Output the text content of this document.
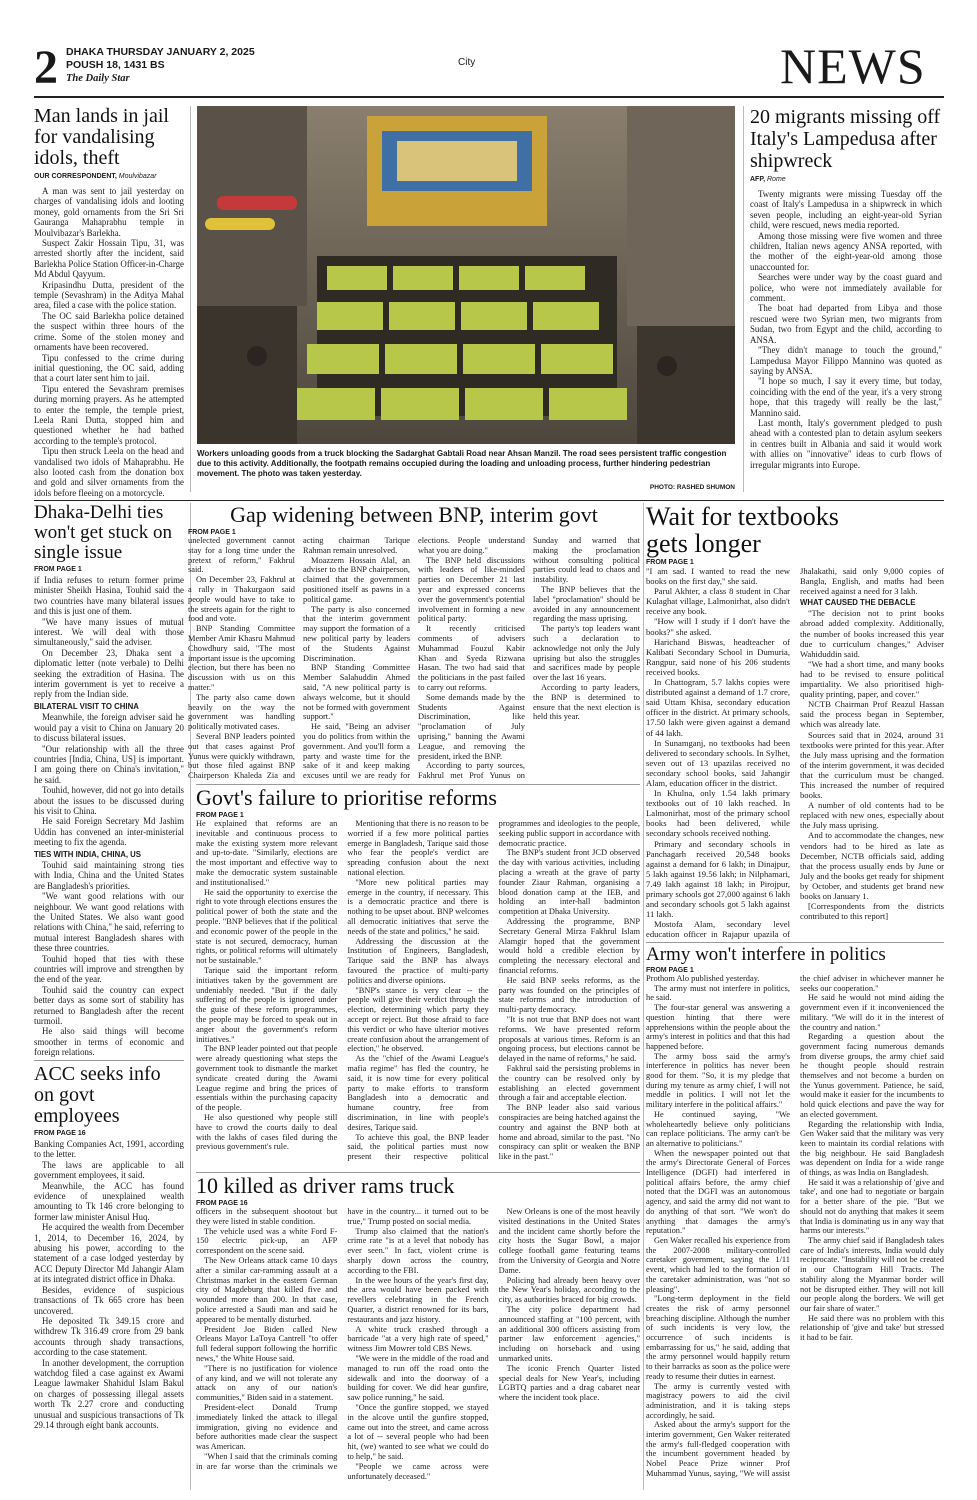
2 DHAKA THURSDAY JANUARY 2, 2025
POUSH 18, 1431 BS
The Daily Star
City	NEWS
Man lands in jail for vandalising idols, theft
OUR CORRESPONDENT, Moulvibazar

A man was sent to jail yesterday on charges of vandalising idols and looting money, gold ornaments from the Sri Sri Gauranga Mahaprabhu temple in Moulvibazar's Barlekha.

Suspect Zakir Hossain Tipu, 31, was arrested shortly after the incident, said Barlekha Police Station Officer-in-Charge Md Abdul Qayyum.

Kripasindhu Dutta, president of the temple (Sevashram) in the Aditya Mahal area, filed a case with the police station.

The OC said Barlekha police detained the suspect within three hours of the crime. Some of the stolen money and ornaments have been recovered.

Tipu confessed to the crime during initial questioning, the OC said, adding that a court later sent him to jail.

Tipu entered the Sevashram premises during morning prayers. As he attempted to enter the temple, the temple priest, Leela Rani Dutta, stopped him and questioned whether he had bathed according to the temple's protocol.

Tipu then struck Leela on the head and vandalised two idols of Mahaprabhu. He also looted cash from the donation box and gold and silver ornaments from the idols before fleeing on a motorcycle.

Workers unloading goods from a truck blocking the Sadarghat Gabtali Road near Ahsan Manzil. The road sees persistent traffic congestion due to this activity. Additionally, the footpath remains occupied during the loading and unloading process, further hindering pedestrian movement. The photo was taken yesterday.
PHOTO: RASHED SHUMON
20 migrants missing off Italy's Lampedusa after shipwreck
AFP, Rome

Twenty migrants were missing Tuesday off the coast of Italy's Lampedusa in a shipwreck in which seven people, including an eight-year-old Syrian child, were rescued, news media reported.

Among those missing were five women and three children, Italian news agency ANSA reported, with the mother of the eight-year-old among those unaccounted for.

Searches were under way by the coast guard and police, who were not immediately available for comment.

The boat had departed from Libya and those rescued were two Syrian men, two migrants from Sudan, two from Egypt and the child, according to ANSA.

"They didn't manage to touch the ground," Lampedusa Mayor Filippo Mannino was quoted as saying by ANSA.

"I hope so much, I say it every time, but today, coinciding with the end of the year, it's a very strong hope, that this tragedy will really be the last," Mannino said.

Last month, Italy's government pledged to push ahead with a contested plan to detain asylum seekers in centres built in Albania and said it would work with allies on "innovative" ideas to curb flows of irregular migrants into Europe.

Dhaka-Delhi ties won't get stuck on single issue
FROM PAGE 1

if India refuses to return former prime minister Sheikh Hasina, Touhid said the two countries have many bilateral issues and this is just one of them.

"We have many issues of mutual interest. We will deal with those simultaneously," said the adviser.

On December 23, Dhaka sent a diplomatic letter (note verbale) to Delhi seeking the extradition of Hasina. The interim government is yet to receive a reply from the Indian side.

BILATERAL VISIT TO CHINA

Meanwhile, the foreign adviser said he would pay a visit to China on January 20 to discuss bilateral issues.

"Our relationship with all the three countries [India, China, US] is important. I am going there on China's invitation," he said.

Touhid, however, did not go into details about the issues to be discussed during his visit to China.

He said Foreign Secretary Md Jashim Uddin has convened an inter-ministerial meeting to fix the agenda.

TIES WITH INDIA, CHINA, US

Touhid said maintaining strong ties with India, China and the United States are Bangladesh's priorities.

"We want good relations with our neighbour. We want good relations with the United States. We also want good relations with China," he said, referring to mutual interest Bangladesh shares with these three countries.

Touhid hoped that ties with these countries will improve and strengthen by the end of the year.

Touhid said the country can expect better days as some sort of stability has returned to Bangladesh after the recent turmoil.

He also said things will become smoother in terms of economic and foreign relations.

ACC seeks info on govt employees
FROM PAGE 16

Banking Companies Act, 1991, according to the letter.

The laws are applicable to all government employees, it said.

Meanwhile, the ACC has found evidence of unexplained wealth amounting to Tk 146 crore belonging to former law minister Anisul Huq.

He acquired the wealth from December 1, 2014, to December 16, 2024, by abusing his power, according to the statement of a case lodged yesterday by ACC Deputy Director Md Jahangir Alam at its integrated district office in Dhaka.

Besides, evidence of suspicious transactions of Tk 665 crore has been uncovered.

He deposited Tk 349.15 crore and withdrew Tk 316.49 crore from 29 bank accounts through shady transactions, according to the case statement.

In another development, the corruption watchdog filed a case against ex Awami League lawmaker Shahidul Islam Bakul on charges of possessing illegal assets worth Tk 2.27 crore and conducting unusual and suspicious transactions of Tk 29.14 through eight bank accounts.

Gap widening between BNP, interim govt
FROM PAGE 1

unelected government cannot stay for a long time under the pretext of reform," Fakhrul said.

On December 23, Fakhrul at a rally in Thakurgaon said people would have to take to the streets again for the right to food and vote.

BNP Standing Committee Member Amir Khasru Mahmud Chowdhury said, "The most important issue is the upcoming election, but there has been no discussion with us on this matter."

The party also came down heavily on the way the government was handling politically motivated cases.

Several BNP leaders pointed out that cases against Prof Yunus were quickly withdrawn, but those filed against BNP Chairperson Khaleda Zia and acting chairman Tarique Rahman remain unresolved.

Moazzem Hossain Alal, an adviser to the BNP chairperson, claimed that the government positioned itself as pawns in a political game.

The party is also concerned that the interim government may support the formation of a new political party by leaders of the Students Against Discrimination.

BNP Standing Committee Member Salahuddin Ahmed said, "A new political party is always welcome, but it should not be formed with government support."

He said, "Being an adviser you do politics from within the government. And you'll form a party and waste time for the sake of it and keep making excuses until we are ready for elections. People understand what you are doing."

The BNP held discussions with leaders of like-minded parties on December 21 last year and expressed concerns over the government's potential involvement in forming a new political party.

It recently criticised comments of advisers Muhammad Fouzul Kabir Khan and Syeda Rizwana Hasan. The two had said that the politicians in the past failed to carry out reforms.

Some demands made by the Students Against Discrimination, like "proclamation of July uprising," banning the Awami League, and removing the president, irked the BNP.

According to party sources, Fakhrul met Prof Yunus on Sunday and warned that making the proclamation without consulting political parties could lead to chaos and instability.

The BNP believes that the label "proclamation" should be avoided in any announcement regarding the mass uprising.

The party's top leaders want such a declaration to acknowledge not only the July uprising but also the struggles and sacrifices made by people over the last 16 years.

According to party leaders, the BNP is determined to ensure that the next election is held this year.

Govt's failure to prioritise reforms
FROM PAGE 1

He explained that reforms are an inevitable and continuous process to make the existing system more relevant and up-to-date. "Similarly, elections are the most important and effective way to make the democratic system sustainable and institutionalised."

He said the opportunity to exercise the right to vote through elections ensures the political power of both the state and the people. "BNP believes that if the political and economic power of the people in the state is not secured, democracy, human rights, or political reforms will ultimately not be sustainable."

Tarique said the important reform initiatives taken by the government are undeniably needed. "But if the daily suffering of the people is ignored under the guise of these reform programmes, the people may be forced to speak out in anger about the government's reform initiatives."

The BNP leader pointed out that people were already questioning what steps the government took to dismantle the market syndicate created during the Awami League regime and bring the prices of essentials within the purchasing capacity of the people.

He also questioned why people still have to crowd the courts daily to deal with the lakhs of cases filed during the previous government's rule.

Mentioning that there is no reason to be worried if a few more political parties emerge in Bangladesh, Tarique said those who fear the people's verdict are spreading confusion about the next national election.

"More new political parties may emerge in the country, if necessary. This is a democratic practice and there is nothing to be upset about. BNP welcomes all democratic initiatives that serve the needs of the state and politics," he said.

Addressing the discussion at the Institution of Engineers, Bangladesh, Tarique said the BNP has always favoured the practice of multi-party politics and diverse opinions.

"BNP's stance is very clear -- the people will give their verdict through the election, determining which party they accept or reject. But those afraid to face this verdict or who have ulterior motives create confusion about the arrangement of election," he observed.

As the "chief of the Awami League's mafia regime" has fled the country, he said, it is now time for every political party to make efforts to transform Bangladesh into a democratic and humane country, free from discrimination, in line with people's desires, Tarique said.

To achieve this goal, the BNP leader said, the political parties must now present their respective political programmes and ideologies to the people, seeking public support in accordance with democratic practice.

The BNP's student front JCD observed the day with various activities, including placing a wreath at the grave of party founder Ziaur Rahman, organising a blood donation camp at the IEB, and holding an inter-hall badminton competition at Dhaka University.

Addressing the programme, BNP Secretary General Mirza Fakhrul Islam Alamgir hoped that the government would hold a credible election by completing the necessary electoral and financial reforms.

He said BNP seeks reforms, as the party was founded on the principles of state reforms and the introduction of multi-party democracy.

"It is not true that BNP does not want reforms. We have presented reform proposals at various times. Reform is an ongoing process, but elections cannot be delayed in the name of reforms," he said.

Fakhrul said the persisting problems in the country can be resolved only by establishing an elected government through a fair and acceptable election.

The BNP leader also said various conspiracies are being hatched against the country and against the BNP both at home and abroad, similar to the past. "No conspiracy can split or weaken the BNP like in the past."

10 killed as driver rams truck
FROM PAGE 16

officers in the subsequent shootout but they were listed in stable condition.

The vehicle used was a white Ford F-150 electric pick-up, an AFP correspondent on the scene said.

The New Orleans attack came 10 days after a similar car-ramming assault at a Christmas market in the eastern German city of Magdeburg that killed five and wounded more than 200. In that case, police arrested a Saudi man and said he appeared to be mentally disturbed.

President Joe Biden called New Orleans Mayor LaToya Cantrell "to offer full federal support following the horrific news," the White House said.

"There is no justification for violence of any kind, and we will not tolerate any attack on any of our nation's communities," Biden said in a statement.

President-elect Donald Trump immediately linked the attack to illegal immigration, giving no evidence and before authorities made clear the suspect was American.

"When I said that the criminals coming in are far worse than the criminals we have in the country... it turned out to be true," Trump posted on social media.

Trump also claimed that the nation's crime rate "is at a level that nobody has ever seen." In fact, violent crime is sharply down across the country, according to the FBI.

In the wee hours of the year's first day, the area would have been packed with revellers celebrating in the French Quarter, a district renowned for its bars, restaurants and jazz history.

A white truck crashed through a barricade "at a very high rate of speed," witness Jim Mowrer told CBS News.

"We were in the middle of the road and managed to run off the road onto the sidewalk and into the doorway of a building for cover. We did hear gunfire, saw police running," he said.

"Once the gunfire stopped, we stayed in the alcove until the gunfire stopped, came out into the street, and came across a lot of -- several people who had been hit, (we) wanted to see what we could do to help," he said.

"People we came across were unfortunately deceased."

New Orleans is one of the most heavily visited destinations in the United States and the incident came shortly before the city hosts the Sugar Bowl, a major college football game featuring teams from the University of Georgia and Notre Dame.

Policing had already been heavy over the New Year's holiday, according to the city, as authorities braced for big crowds.

The city police department had announced staffing at "100 percent, with an additional 300 officers assisting from partner law enforcement agencies," including on horseback and using unmarked units.

The iconic French Quarter listed special deals for New Year's, including LGBTQ parties and a drag cabaret near where the incident took place.

Wait for textbooks gets longer
FROM PAGE 1

"I am sad. I wanted to read the new books on the first day," she said.

Parul Akhter, a class 8 student in Char Kulaghat village, Lalmonirhat, also didn't receive any book.

"How will I study if I don't have the books?" she asked.

Harichand Biswas, headteacher of Kalibati Secondary School in Dumuria, Rangpur, said none of his 206 students received books.

In Chattogram, 5.7 lakhs copies were distributed against a demand of 1.7 crore, said Uttam Khisa, secondary education officer in the district. At primary schools, 17.50 lakh were given against a demand of 44 lakh.

In Sunamganj, no textbooks had been delivered to secondary schools. In Sylhet, seven out of 13 upazilas received no secondary school books, said Jahangir Alam, education officer in the district.

In Khulna, only 1.54 lakh primary textbooks out of 10 lakh reached. In Lalmonirhat, most of the primary school books had been delivered, while secondary schools received nothing.

Primary and secondary schools in Panchagarh received 20,548 books against a demand for 6 lakh; in Dinajpur, 5 lakh against 19.56 lakh; in Nilphamari, 7.49 lakh against 18 lakh; in Pirojpur, primary schools got 27,000 against 6 lakh and secondary schools got 5 lakh against 11 lakh.

Mostofa Alam, secondary level education officer in Rajapur upazila of Jhalakathi, said only 9,000 copies of Bangla, English, and maths had been received against a need for 3 lakh.

WHAT CAUSED THE DEBACLE

"The decision not to print books abroad added complexity. Additionally, the number of books increased this year due to curriculum changes," Adviser Wahiduddin said.

"We had a short time, and many books had to be revised to ensure political impartiality. We also prioritised high-quality printing, paper, and cover."

NCTB Chairman Prof Reazul Hassan said the process began in September, which was already late.

Sources said that in 2024, around 31 textbooks were printed for this year. After the July mass uprising and the formation of the interim government, it was decided that the curriculum must be changed. This increased the number of required books.

A number of old contents had to be replaced with new ones, especially about the July mass uprising.

And to accommodate the changes, new vendors had to be hired as late as December, NCTB officials said, adding that the process usually ends by June or July and the books get ready for shipment by October, and students get brand new books on January 1.

[Correspondents from the districts contributed to this report]

Army won't interfere in politics
FROM PAGE 1

Prothom Alo published yesterday.

The army must not interfere in politics, he said.

The four-star general was answering a question hinting that there were apprehensions within the people about the army's interest in politics and that this had happened before.

The army boss said the army's interference in politics has never been good for them. "So, it is my pledge that during my tenure as army chief, I will not meddle in politics. I will not let the military interfere in the political affairs."

He continued saying, "We wholeheartedly believe only politicians can replace politicians. The army can't be an alternative to politicians."

When the newspaper pointed out that the army's Directorate General of Forces Intelligence (DGFI) had interfered in political affairs before, the army chief noted that the DGFI was an autonomous agency, and said the army did not want to do anything of that sort. "We won't do anything that damages the army's reputation."

Gen Waker recalled his experience from the 2007-2008 military-controlled caretaker government, saying the 1/11 event, which had led to the formation of the caretaker administration, was "not so pleasing".

"Long-term deployment in the field creates the risk of army personnel breaching discipline. Although the number of such incidents is very low, the occurrence of such incidents is embarrassing for us," he said, adding that the army personnel would happily return to their barracks as soon as the police were ready to resume their duties in earnest.

The army is currently vested with magistracy powers to aid the civil administration, and it is taking steps accordingly, he said.

Asked about the army's support for the interim government, Gen Waker reiterated the army's full-fledged cooperation with the incumbent government headed by Nobel Peace Prize winner Prof Muhammad Yunus, saying, "We will assist the chief adviser in whichever manner he seeks our cooperation."

He said he would not mind aiding the government even if it inconvenienced the military. "We will do it in the interest of the country and nation."

Regarding a question about the government facing numerous demands from diverse groups, the army chief said he thought people should restrain themselves and not become a burden on the Yunus government. Patience, he said, would make it easier for the incumbents to hold quick elections and pave the way for an elected government.

Regarding the relationship with India, Gen Waker said that the military was very keen to maintain its cordial relations with the big neighbour. He said Bangladesh was dependent on India for a wide range of things, as was India on Bangladesh.

He said it was a relationship of 'give and take', and one had to negotiate or bargain for a better share of the pie. "But we should not do anything that makes it seem that India is dominating us in any way that harms our interests."

The army chief said if Bangladesh takes care of India's interests, India would duly reciprocate. "Instability will not be created in our Chattogram Hill Tracts. The stability along the Myanmar border will not be disrupted either. They will not kill our people along the borders. We will get our fair share of water."

He said there was no problem with this relationship of 'give and take' but stressed it had to be fair.
